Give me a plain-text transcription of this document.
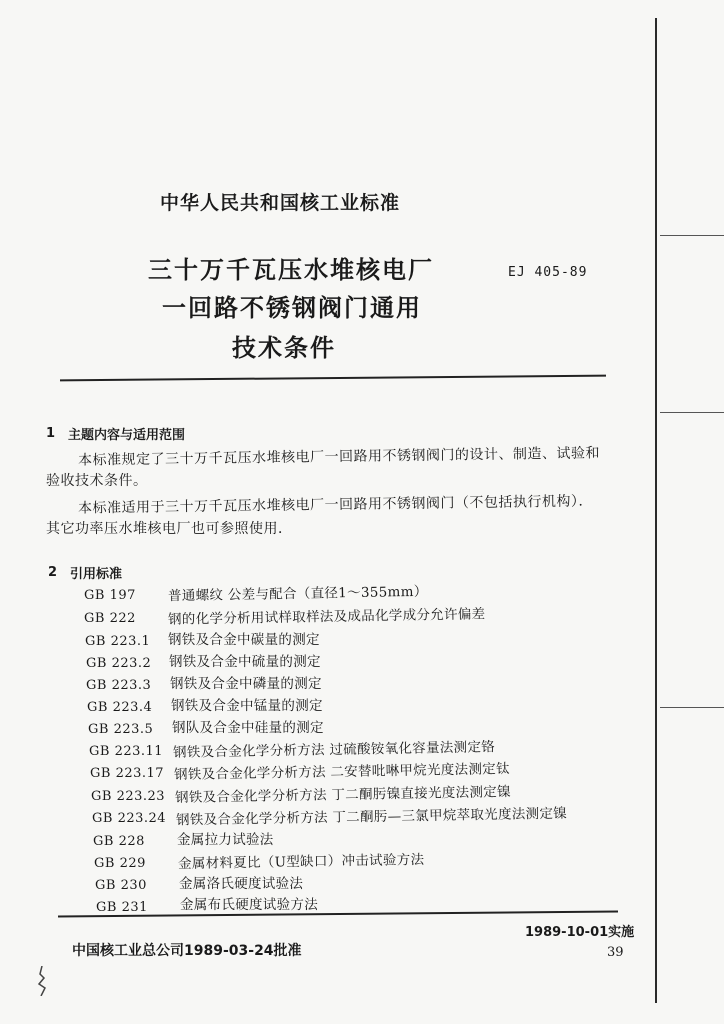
中华人民共和国核工业标准
三十万千瓦压水堆核电厂
一回路不锈钢阀门通用
技术条件
EJ 405-89
1 主题内容与适用范围
本标准规定了三十万千瓦压水堆核电厂一回路用不锈钢阀门的设计、制造、试验和
验收技术条件。
本标准适用于三十万千瓦压水堆核电厂一回路用不锈钢阀门（不包括执行机构）．
其它功率压水堆核电厂也可参照使用．
2 引用标准
GB 197 普通螺纹 公差与配合（直径1～355mm）
GB 222 钢的化学分析用试样取样法及成品化学成分允许偏差
GB 223.1 钢铁及合金中碳量的测定
GB 223.2 钢铁及合金中硫量的测定
GB 223.3 钢铁及合金中磷量的测定
GB 223.4 钢铁及合金中锰量的测定
GB 223.5 钢队及合金中硅量的测定
GB 223.11 钢铁及合金化学分析方法 过硫酸铵氧化容量法测定铬
GB 223.17 钢铁及合金化学分析方法 二安替吡啉甲烷光度法测定钛
GB 223.23 钢铁及合金化学分析方法 丁二酮肟镍直接光度法测定镍
GB 223.24 钢铁及合金化学分析方法 丁二酮肟—三氯甲烷萃取光度法测定镍
GB 228 金属拉力试验法
GB 229 金属材料夏比（U型缺口）冲击试验方法
GB 230 金属洛氏硬度试验法
GB 231 金属布氏硬度试验方法
1989-10-01实施
中国核工业总公司1989-03-24批准	39
